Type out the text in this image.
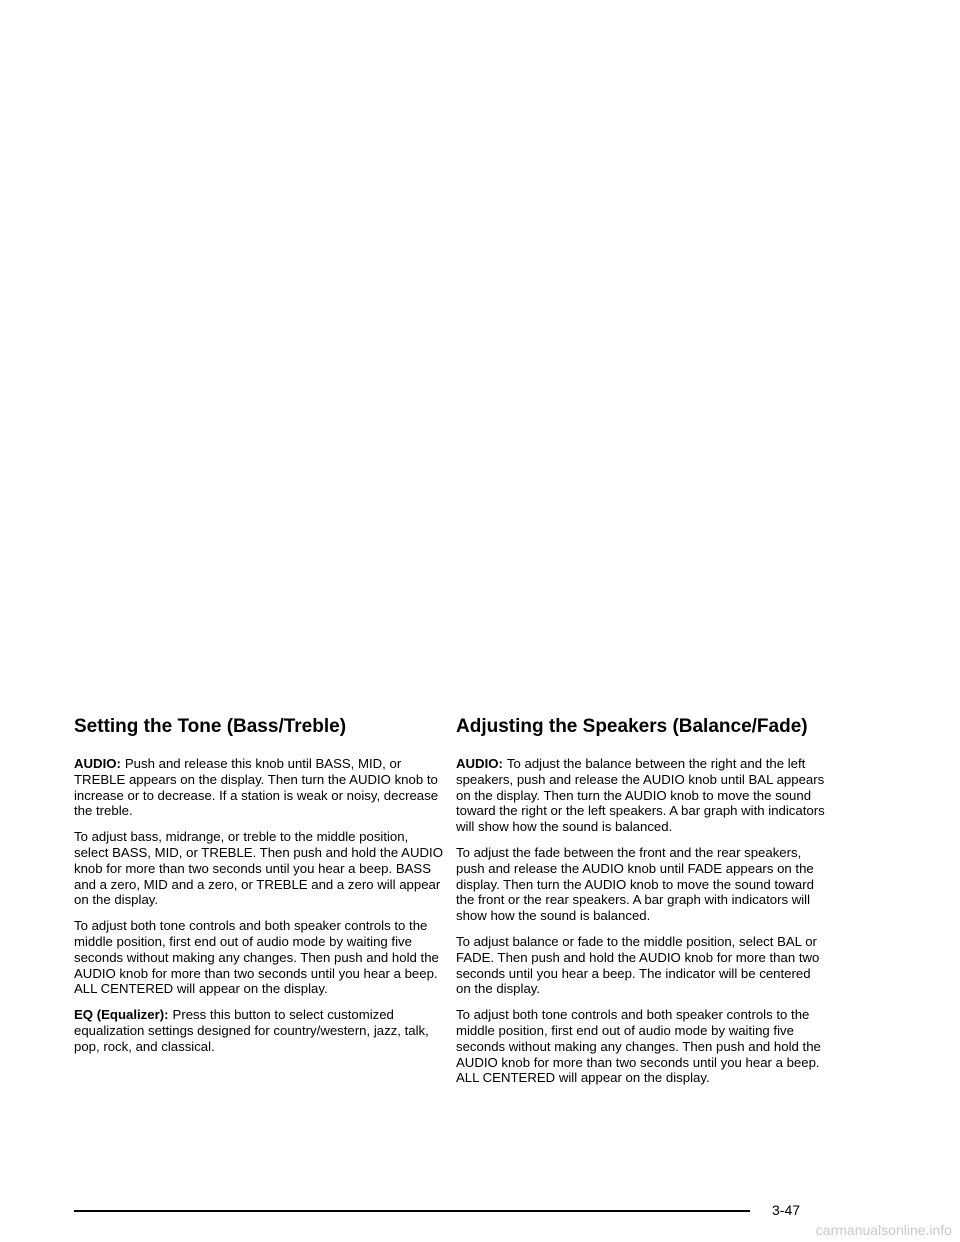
Setting the Tone (Bass/Treble)

AUDIO: Push and release this knob until BASS, MID, or TREBLE appears on the display. Then turn the AUDIO knob to increase or to decrease. If a station is weak or noisy, decrease the treble.

To adjust bass, midrange, or treble to the middle position, select BASS, MID, or TREBLE. Then push and hold the AUDIO knob for more than two seconds until you hear a beep. BASS and a zero, MID and a zero, or TREBLE and a zero will appear on the display.

To adjust both tone controls and both speaker controls to the middle position, first end out of audio mode by waiting five seconds without making any changes. Then push and hold the AUDIO knob for more than two seconds until you hear a beep. ALL CENTERED will appear on the display.

EQ (Equalizer): Press this button to select customized equalization settings designed for country/western, jazz, talk, pop, rock, and classical.

Adjusting the Speakers (Balance/Fade)

AUDIO: To adjust the balance between the right and the left speakers, push and release the AUDIO knob until BAL appears on the display. Then turn the AUDIO knob to move the sound toward the right or the left speakers. A bar graph with indicators will show how the sound is balanced.

To adjust the fade between the front and the rear speakers, push and release the AUDIO knob until FADE appears on the display. Then turn the AUDIO knob to move the sound toward the front or the rear speakers. A bar graph with indicators will show how the sound is balanced.

To adjust balance or fade to the middle position, select BAL or FADE. Then push and hold the AUDIO knob for more than two seconds until you hear a beep. The indicator will be centered on the display.

To adjust both tone controls and both speaker controls to the middle position, first end out of audio mode by waiting five seconds without making any changes. Then push and hold the AUDIO knob for more than two seconds until you hear a beep. ALL CENTERED will appear on the display.

3-47
carmanualsonline.info
